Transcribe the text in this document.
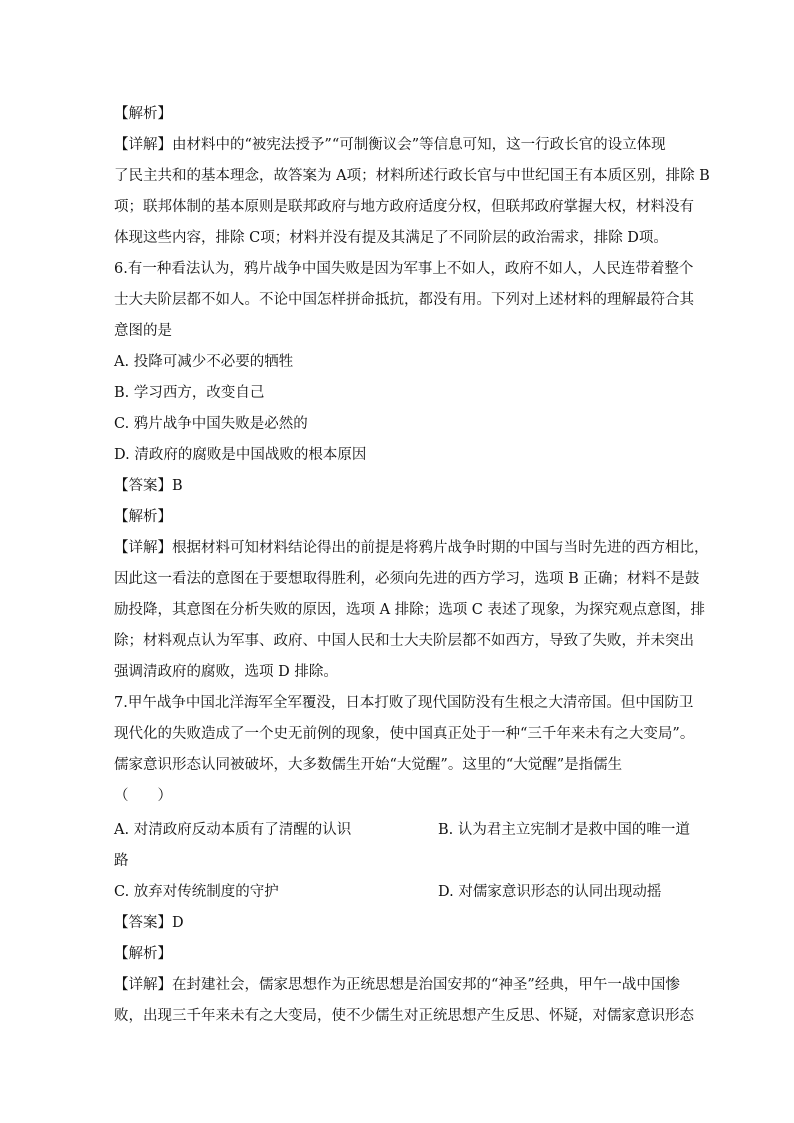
【解析】
【详解】由材料中的“被宪法授予”“可制衡议会”等信息可知，这一行政长官的设立体现
了民主共和的基本理念，故答案为 A项；材料所述行政长官与中世纪国王有本质区别，排除 B
项；联邦体制的基本原则是联邦政府与地方政府适度分权，但联邦政府掌握大权，材料没有
体现这些内容，排除 C项；材料并没有提及其满足了不同阶层的政治需求，排除 D项。
6.有一种看法认为，鸦片战争中国失败是因为军事上不如人，政府不如人，人民连带着整个
士大夫阶层都不如人。不论中国怎样拼命抵抗，都没有用。下列对上述材料的理解最符合其
意图的是
A. 投降可减少不必要的牺牲
B. 学习西方，改变自己
C. 鸦片战争中国失败是必然的
D. 清政府的腐败是中国战败的根本原因
【答案】B
【解析】
【详解】根据材料可知材料结论得出的前提是将鸦片战争时期的中国与当时先进的西方相比，
因此这一看法的意图在于要想取得胜利，必须向先进的西方学习，选项 B 正确；材料不是鼓
励投降，其意图在分析失败的原因，选项 A 排除；选项 C 表述了现象，为探究观点意图，排
除；材料观点认为军事、政府、中国人民和士大夫阶层都不如西方，导致了失败，并未突出
强调清政府的腐败，选项 D 排除。
7.甲午战争中国北洋海军全军覆没，日本打败了现代国防没有生根之大清帝国。但中国防卫
现代化的失败造成了一个史无前例的现象，使中国真正处于一种“三千年来未有之大变局”。
儒家意识形态认同被破坏，大多数儒生开始“大觉醒”。这里的“大觉醒”是指儒生
（　　）
A. 对清政府反动本质有了清醒的认识	B. 认为君主立宪制才是救中国的唯一道
路
C. 放弃对传统制度的守护	D. 对儒家意识形态的认同出现动摇
【答案】D
【解析】
【详解】在封建社会，儒家思想作为正统思想是治国安邦的“神圣”经典，甲午一战中国惨
败，出现三千年来未有之大变局，使不少儒生对正统思想产生反思、怀疑，对儒家意识形态
